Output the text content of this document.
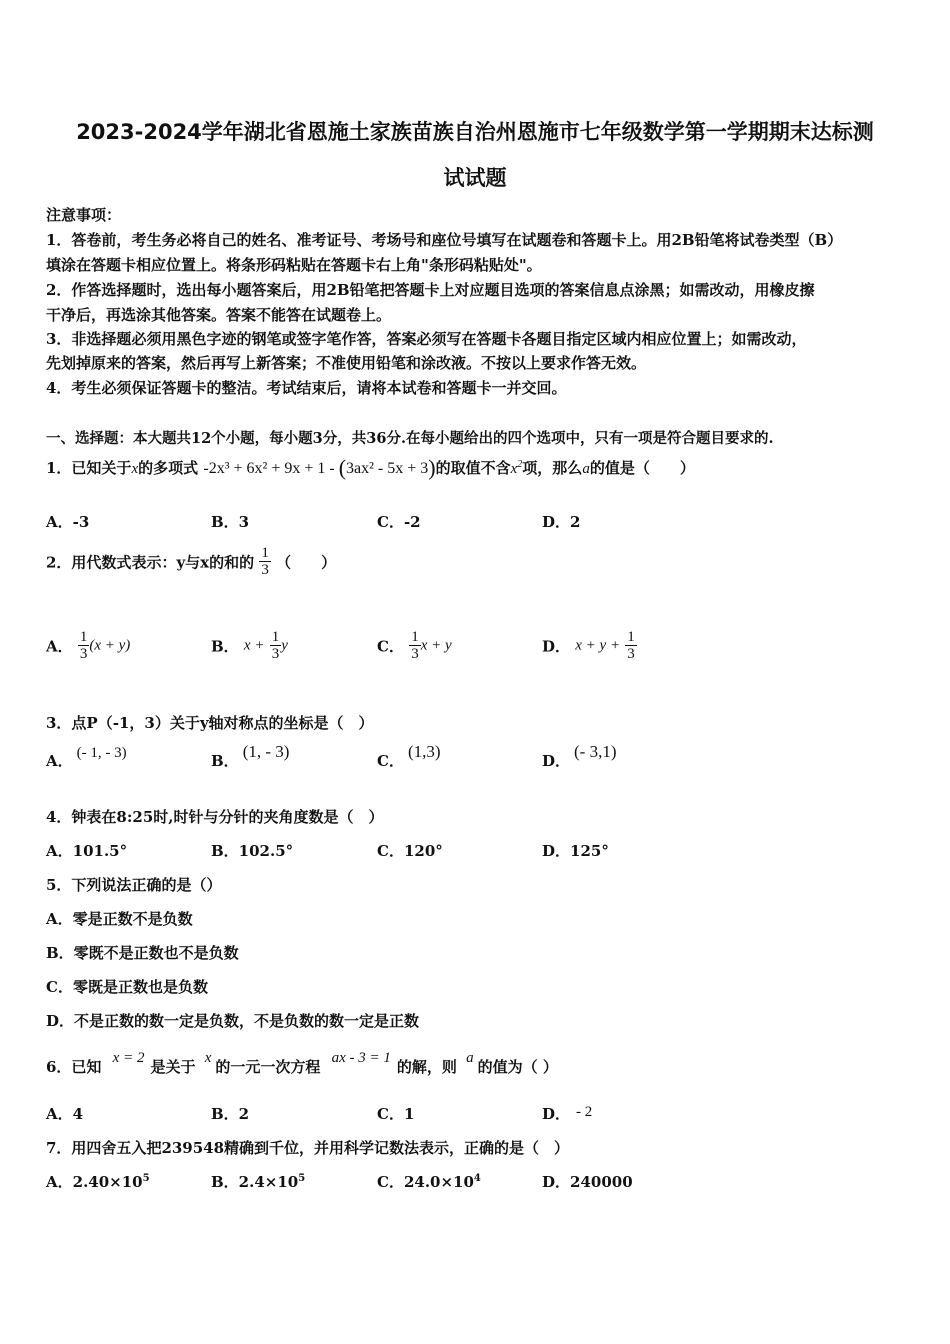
2023-2024学年湖北省恩施土家族苗族自治州恩施市七年级数学第一学期期末达标测
试试题
注意事项：
1．答卷前，考生务必将自己的姓名、准考证号、考场号和座位号填写在试题卷和答题卡上。用2B铅笔将试卷类型（B）
填涂在答题卡相应位置上。将条形码粘贴在答题卡右上角"条形码粘贴处"。
2．作答选择题时，选出每小题答案后，用2B铅笔把答题卡上对应题目选项的答案信息点涂黑；如需改动，用橡皮擦
干净后，再选涂其他答案。答案不能答在试题卷上。
3．非选择题必须用黑色字迹的钢笔或签字笔作答，答案必须写在答题卡各题目指定区域内相应位置上；如需改动，
先划掉原来的答案，然后再写上新答案；不准使用铅笔和涂改液。不按以上要求作答无效。
4．考生必须保证答题卡的整洁。考试结束后，请将本试卷和答题卡一并交回。
一、选择题：本大题共12个小题，每小题3分，共36分.在每小题给出的四个选项中，只有一项是符合题目要求的.
1．已知关于x的多项式 -2x³ + 6x² + 9x + 1 - (3ax² - 5x + 3)的取值不含$x^2$项，那么a的值是（　　）
A．-3	B．3	C．-2	D．2
2．用代数式表示：y与x的和的 $\frac{1}{3}$ （　　）
A． $\frac{1}{3} (x + y)$	B． $x + \frac{1}{3}$ y	C． $\frac{1}{3}$ x + y	D． $x + y + \frac{1}{3}$
3．点P（-1，3）关于y轴对称点的坐标是（　）
A． (- 1, - 3)	B． (1, - 3)	C． (1,3)	D． (- 3,1)
4．钟表在8:25时,时针与分针的夹角度数是（　）
A．101.5°	B．102.5°	C．120°	D．125°
5．下列说法正确的是（）
A．零是正数不是负数
B．零既不是正数也不是负数
C．零既是正数也是负数
D．不是正数的数一定是负数，不是负数的数一定是正数
6．已知 x = 2 是关于 x 的一元一次方程 ax - 3 = 1 的解，则 a 的值为（ ）
A．4	B．2	C．1	D． - 2
7．用四舍五入把239548精确到千位，并用科学记数法表示，正确的是（　）
A．$2.40\times 10^5$	B．$2.4\times 10^5$	C．$24.0\times 10^4$	D．240000
